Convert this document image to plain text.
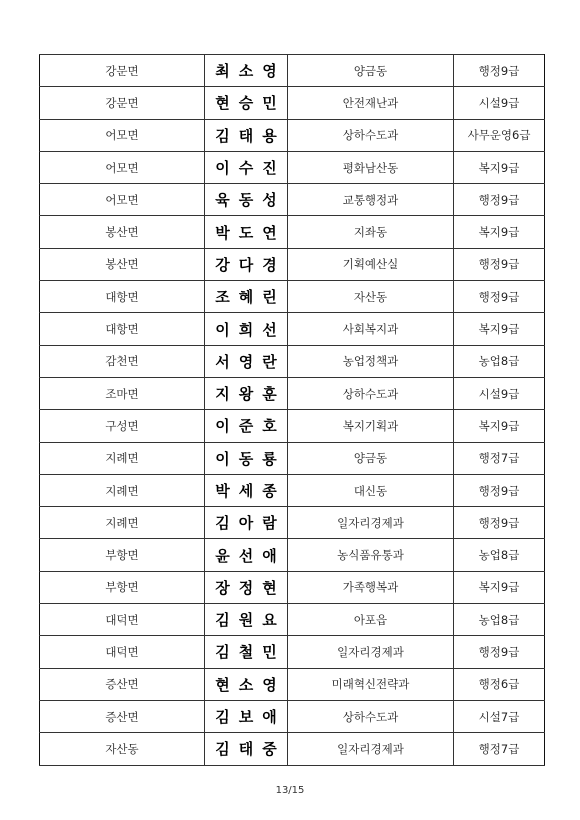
강문면	최소영	양금동	행정9급
강문면	현승민	안전재난과	시설9급
어모면	김태용	상하수도과	사무운영6급
어모면	이수진	평화남산동	복지9급
어모면	육동성	교통행정과	행정9급
봉산면	박도연	지좌동	복지9급
봉산면	강다경	기획예산실	행정9급
대항면	조혜린	자산동	행정9급
대항면	이희선	사회복지과	복지9급
감천면	서영란	농업정책과	농업8급
조마면	지왕훈	상하수도과	시설9급
구성면	이준호	복지기획과	복지9급
지례면	이동룡	양금동	행정7급
지례면	박세종	대신동	행정9급
지례면	김아람	일자리경제과	행정9급
부항면	윤선애	농식품유통과	농업8급
부항면	장정현	가족행복과	복지9급
대덕면	김원요	아포읍	농업8급
대덕면	김철민	일자리경제과	행정9급
증산면	현소영	미래혁신전략과	행정6급
증산면	김보애	상하수도과	시설7급
자산동	김태중	일자리경제과	행정7급
13/15
